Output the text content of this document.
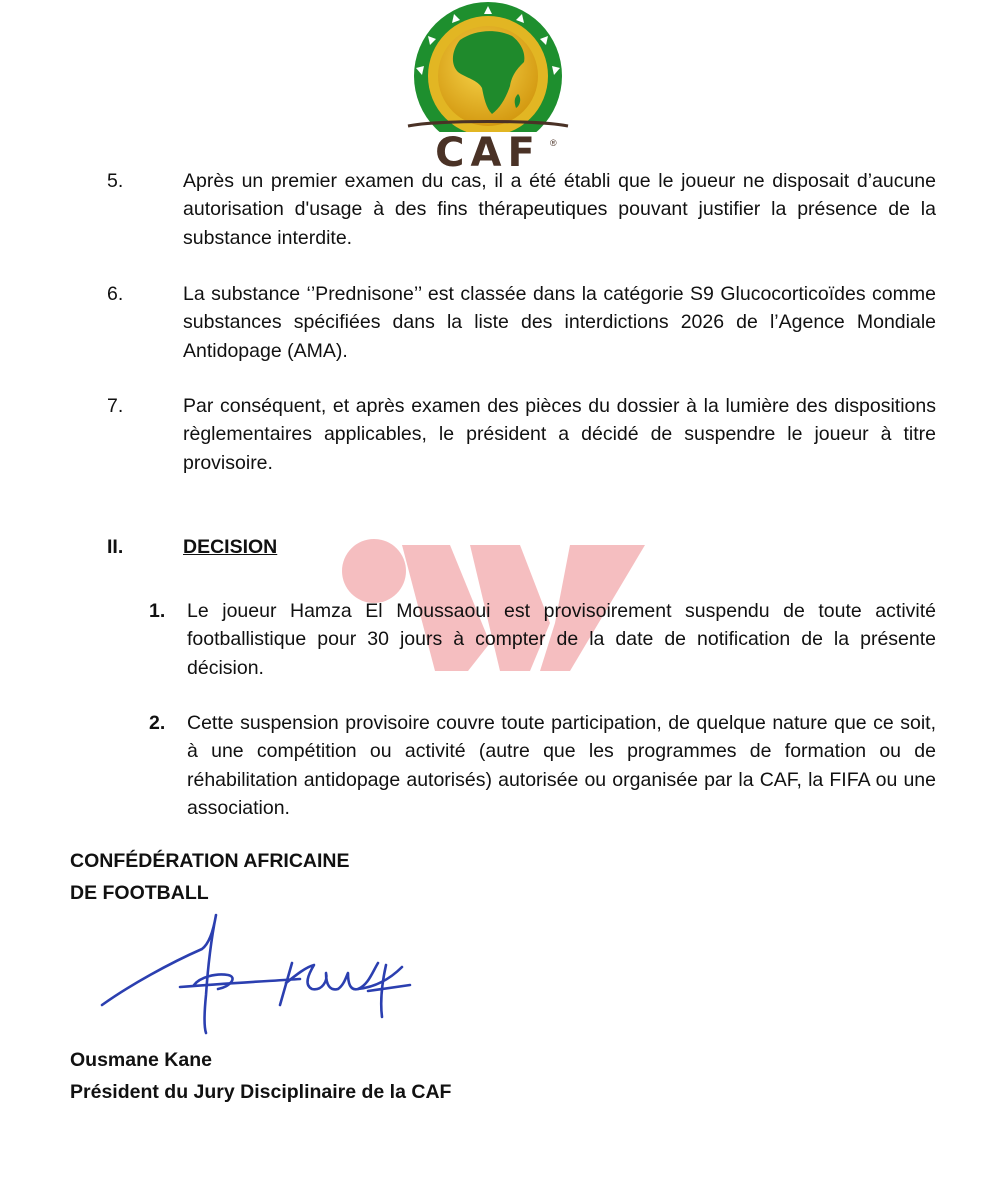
CAF	®
5.	Après un premier examen du cas, il a été établi que le joueur ne disposait d’aucune autorisation d'usage à des fins thérapeutiques pouvant justifier la présence de la substance interdite.
6.	La substance ‘’Prednisone’’ est classée dans la catégorie S9 Glucocorticoïdes comme substances spécifiées dans la liste des interdictions 2026 de l’Agence Mondiale Antidopage (AMA).
7.	Par conséquent, et après examen des pièces du dossier à la lumière des dispositions règlementaires applicables, le président a décidé de suspendre le joueur à titre provisoire.
II.	DECISION
1. Le joueur Hamza El Moussaoui est provisoirement suspendu de toute activité footballistique pour 30 jours à compter de la date de notification de la présente décision.
2. Cette suspension provisoire couvre toute participation, de quelque nature que ce soit, à une compétition ou activité (autre que les programmes de formation ou de réhabilitation antidopage autorisés) autorisée ou organisée par la CAF, la FIFA ou une association.
CONFÉDÉRATION AFRICAINE
DE FOOTBALL
Ousmane Kane
Président du Jury Disciplinaire de la CAF
